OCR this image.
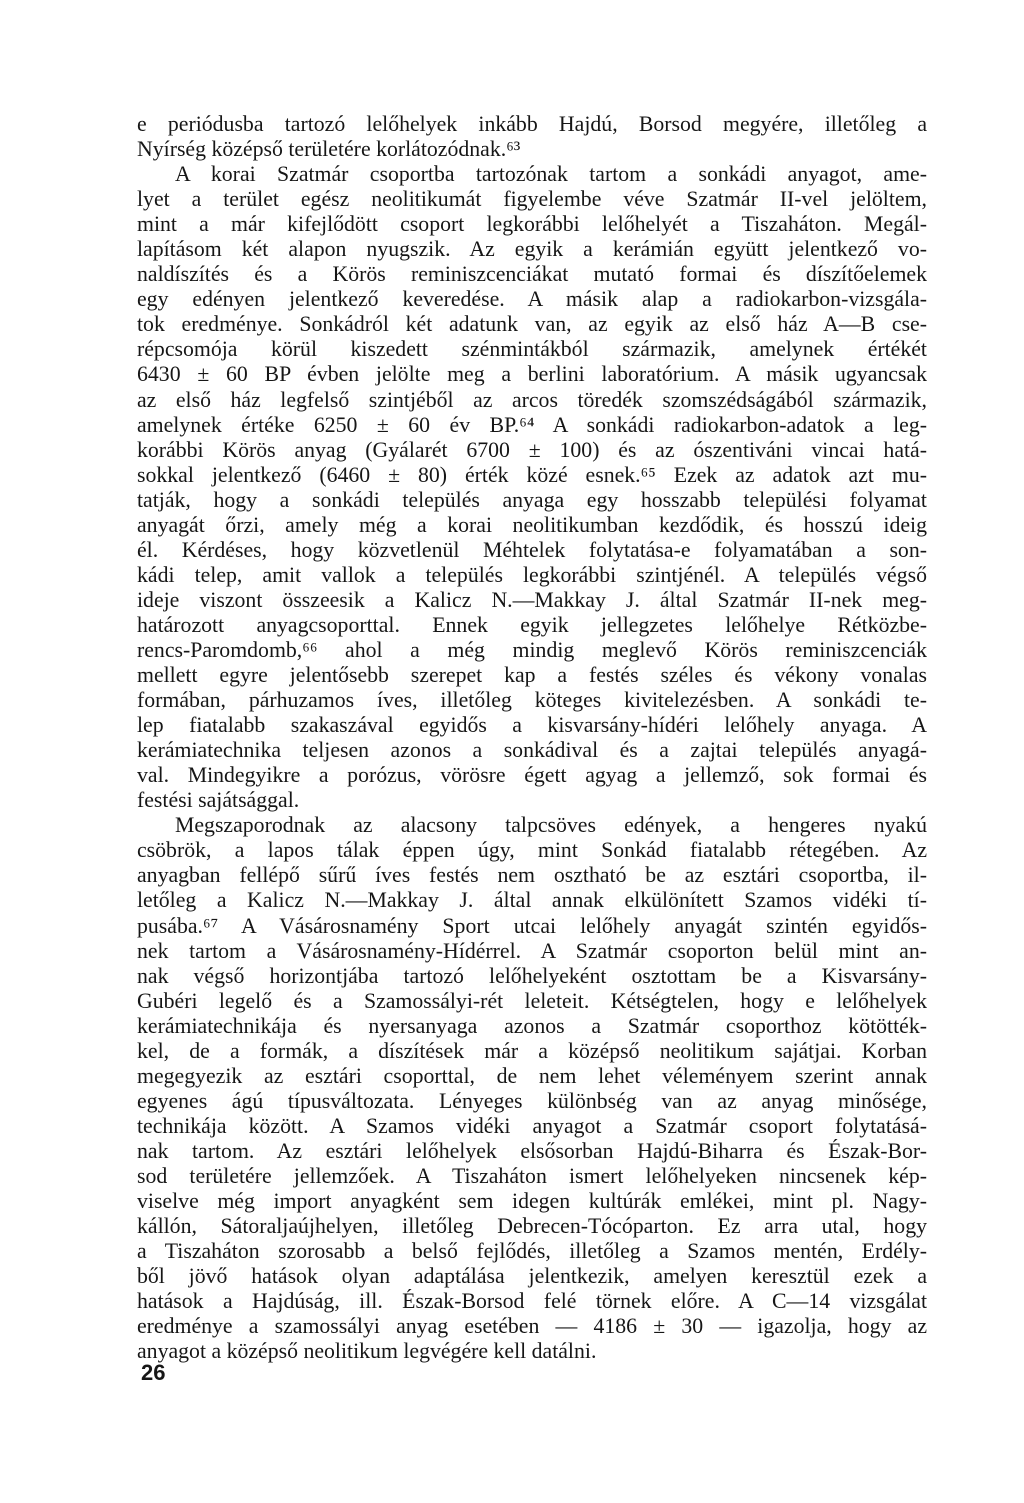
e periódusba tartozó lelőhelyek inkább Hajdú, Borsod megyére, illetőleg a
Nyírség középső területére korlátozódnak.⁶³

A korai Szatmár csoportba tartozónak tartom a sonkádi anyagot, ame-
lyet a terület egész neolitikumát figyelembe véve Szatmár II-vel jelöltem,
mint a már kifejlődött csoport legkorábbi lelőhelyét a Tiszaháton. Megál-
lapításom két alapon nyugszik. Az egyik a kerámián együtt jelentkező vo-
naldíszítés és a Körös reminiszcenciákat mutató formai és díszítőelemek
egy edényen jelentkező keveredése. A másik alap a radiokarbon-vizsgála-
tok eredménye. Sonkádról két adatunk van, az egyik az első ház A—B cse-
répcsomója körül kiszedett szénmintákból származik, amelynek értékét
6430 ± 60 BP évben jelölte meg a berlini laboratórium. A másik ugyancsak
az első ház legfelső szintjéből az arcos töredék szomszédságából származik,
amelynek értéke 6250 ± 60 év BP.⁶⁴ A sonkádi radiokarbon-adatok a leg-
korábbi Körös anyag (Gyálarét 6700 ± 100) és az ószentiváni vincai hatá-
sokkal jelentkező (6460 ± 80) érték közé esnek.⁶⁵ Ezek az adatok azt mu-
tatják, hogy a sonkádi település anyaga egy hosszabb települési folyamat
anyagát őrzi, amely még a korai neolitikumban kezdődik, és hosszú ideig
él. Kérdéses, hogy közvetlenül Méhtelek folytatása-e folyamatában a son-
kádi telep, amit vallok a település legkorábbi szintjénél. A település végső
ideje viszont összeesik a Kalicz N.—Makkay J. által Szatmár II-nek meg-
határozott anyagcsoporttal. Ennek egyik jellegzetes lelőhelye Rétközbe-
rencs-Paromdomb,⁶⁶ ahol a még mindig meglevő Körös reminiszcenciák
mellett egyre jelentősebb szerepet kap a festés széles és vékony vonalas
formában, párhuzamos íves, illetőleg köteges kivitelezésben. A sonkádi te-
lep fiatalabb szakaszával egyidős a kisvarsány-hídéri lelőhely anyaga. A
kerámiatechnika teljesen azonos a sonkádival és a zajtai település anyagá-
val. Mindegyikre a porózus, vörösre égett agyag a jellemző, sok formai és
festési sajátsággal.

Megszaporodnak az alacsony talpcsöves edények, a hengeres nyakú
csöbrök, a lapos tálak éppen úgy, mint Sonkád fiatalabb rétegében. Az
anyagban fellépő sűrű íves festés nem osztható be az esztári csoportba, il-
letőleg a Kalicz N.—Makkay J. által annak elkülönített Szamos vidéki tí-
pusába.⁶⁷ A Vásárosnamény Sport utcai lelőhely anyagát szintén egyidős-
nek tartom a Vásárosnamény-Hídérrel. A Szatmár csoporton belül mint an-
nak végső horizontjába tartozó lelőhelyeként osztottam be a Kisvarsány-
Gubéri legelő és a Szamossályi-rét leleteit. Kétségtelen, hogy e lelőhelyek
kerámiatechnikája és nyersanyaga azonos a Szatmár csoporthoz kötötték-
kel, de a formák, a díszítések már a középső neolitikum sajátjai. Korban
megegyezik az esztári csoporttal, de nem lehet véleményem szerint annak
egyenes ágú típusváltozata. Lényeges különbség van az anyag minősége,
technikája között. A Szamos vidéki anyagot a Szatmár csoport folytatásá-
nak tartom. Az esztári lelőhelyek elsősorban Hajdú-Biharra és Észak-Bor-
sod területére jellemzőek. A Tiszaháton ismert lelőhelyeken nincsenek kép-
viselve még import anyagként sem idegen kultúrák emlékei, mint pl. Nagy-
kállón, Sátoraljaújhelyen, illetőleg Debrecen-Tócóparton. Ez arra utal, hogy
a Tiszaháton szorosabb a belső fejlődés, illetőleg a Szamos mentén, Erdély-
ből jövő hatások olyan adaptálása jelentkezik, amelyen keresztül ezek a
hatások a Hajdúság, ill. Észak-Borsod felé törnek előre. A C—14 vizsgálat
eredménye a szamossályi anyag esetében — 4186 ± 30 — igazolja, hogy az
anyagot a középső neolitikum legvégére kell datálni.

26
